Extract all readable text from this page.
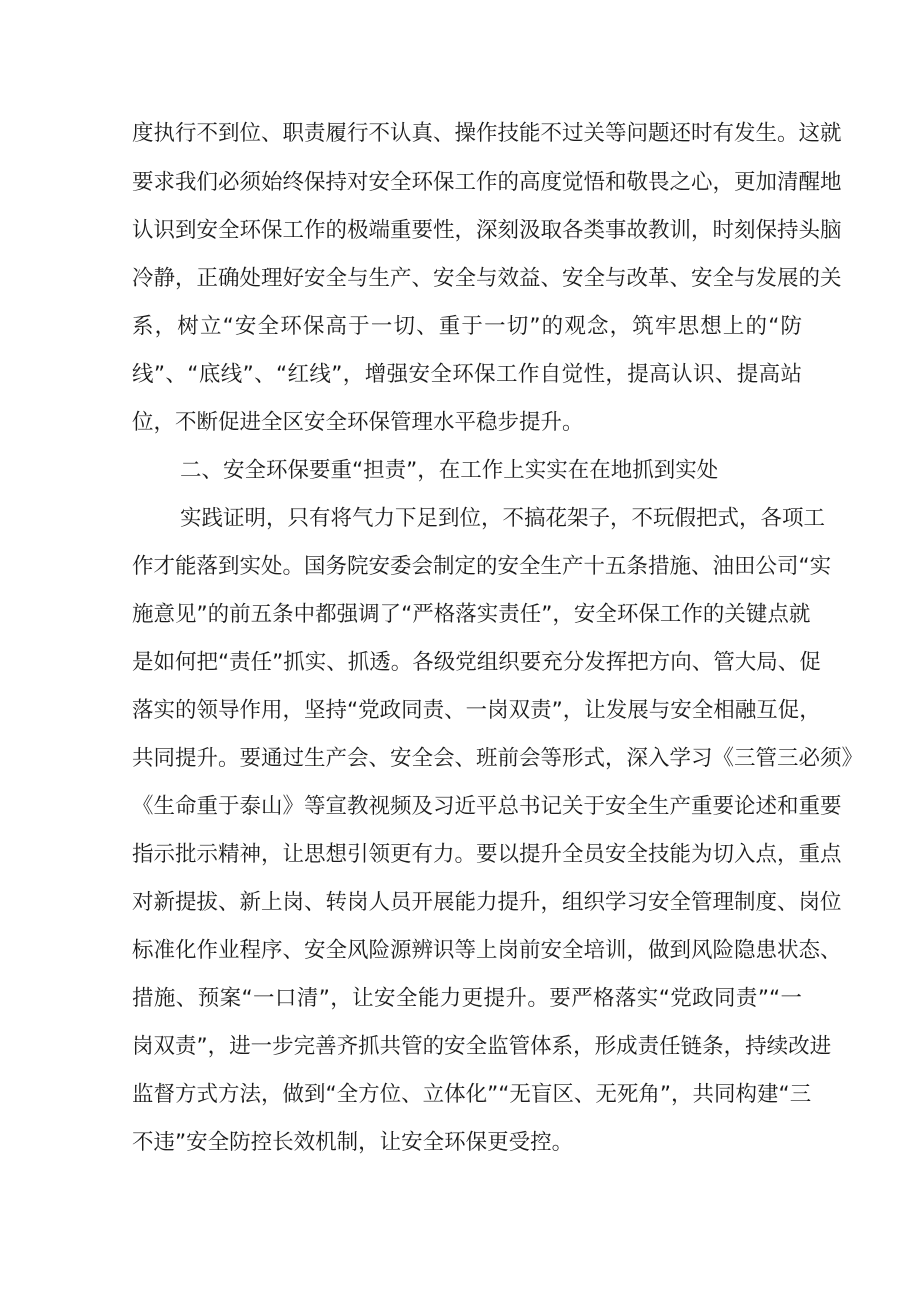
度执行不到位、职责履行不认真、操作技能不过关等问题还时有发生。这就
要求我们必须始终保持对安全环保工作的高度觉悟和敬畏之心，更加清醒地
认识到安全环保工作的极端重要性，深刻汲取各类事故教训，时刻保持头脑
冷静，正确处理好安全与生产、安全与效益、安全与改革、安全与发展的关
系，树立“安全环保高于一切、重于一切”的观念，筑牢思想上的“防
线”、“底线”、“红线”，增强安全环保工作自觉性，提高认识、提高站
位，不断促进全区安全环保管理水平稳步提升。
二、安全环保要重“担责”，在工作上实实在在地抓到实处
实践证明，只有将气力下足到位，不搞花架子，不玩假把式，各项工
作才能落到实处。国务院安委会制定的安全生产十五条措施、油田公司“实
施意见”的前五条中都强调了“严格落实责任”，安全环保工作的关键点就
是如何把“责任”抓实、抓透。各级党组织要充分发挥把方向、管大局、促
落实的领导作用，坚持“党政同责、一岗双责”，让发展与安全相融互促，
共同提升。要通过生产会、安全会、班前会等形式，深入学习《三管三必须》
《生命重于泰山》等宣教视频及习近平总书记关于安全生产重要论述和重要
指示批示精神，让思想引领更有力。要以提升全员安全技能为切入点，重点
对新提拔、新上岗、转岗人员开展能力提升，组织学习安全管理制度、岗位
标准化作业程序、安全风险源辨识等上岗前安全培训，做到风险隐患状态、
措施、预案“一口清”，让安全能力更提升。要严格落实“党政同责”“一
岗双责”，进一步完善齐抓共管的安全监管体系，形成责任链条，持续改进
监督方式方法，做到“全方位、立体化”“无盲区、无死角”，共同构建“三
不违”安全防控长效机制，让安全环保更受控。
